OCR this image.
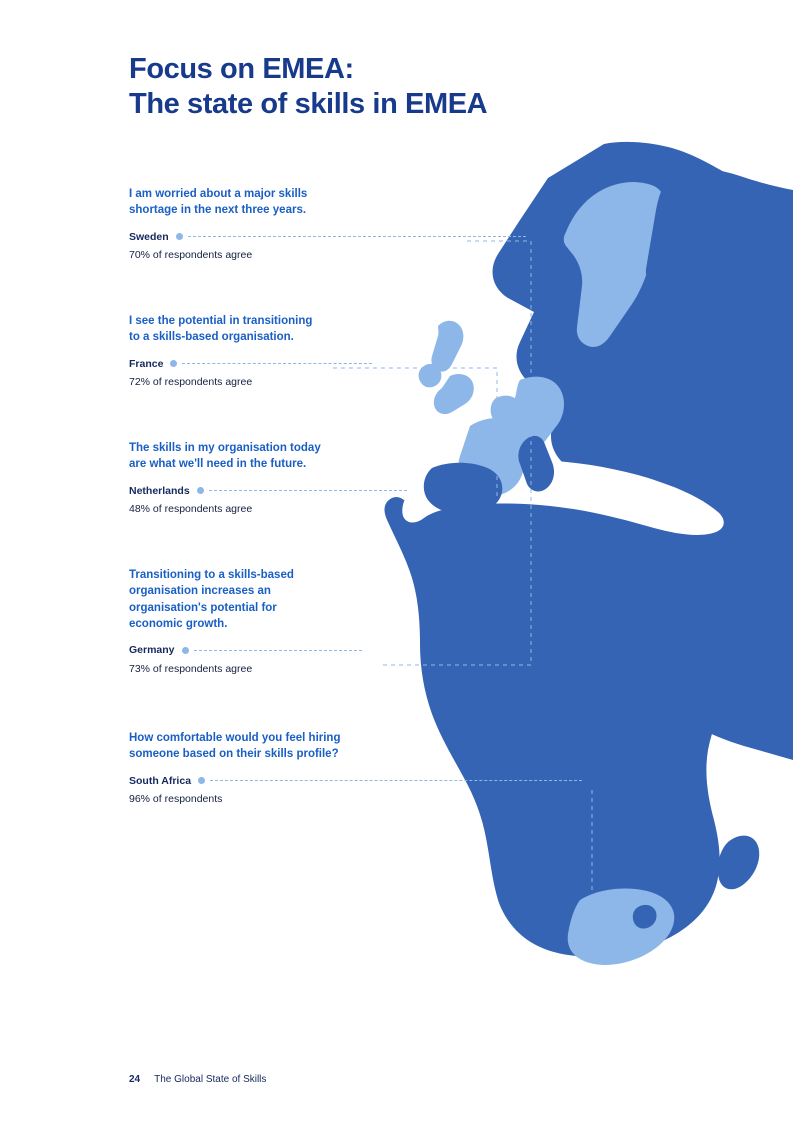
Focus on EMEA:
The state of skills in EMEA
I am worried about a major skills
shortage in the next three years.
Sweden
70% of respondents agree
I see the potential in transitioning
to a skills-based organisation.
France
72% of respondents agree
The skills in my organisation today
are what we'll need in the future.
Netherlands
48% of respondents agree
Transitioning to a skills-based
organisation increases an
organisation's potential for
economic growth.
Germany
73% of respondents agree
How comfortable would you feel hiring
someone based on their skills profile?
South Africa
96% of respondents
24 The Global State of Skills
